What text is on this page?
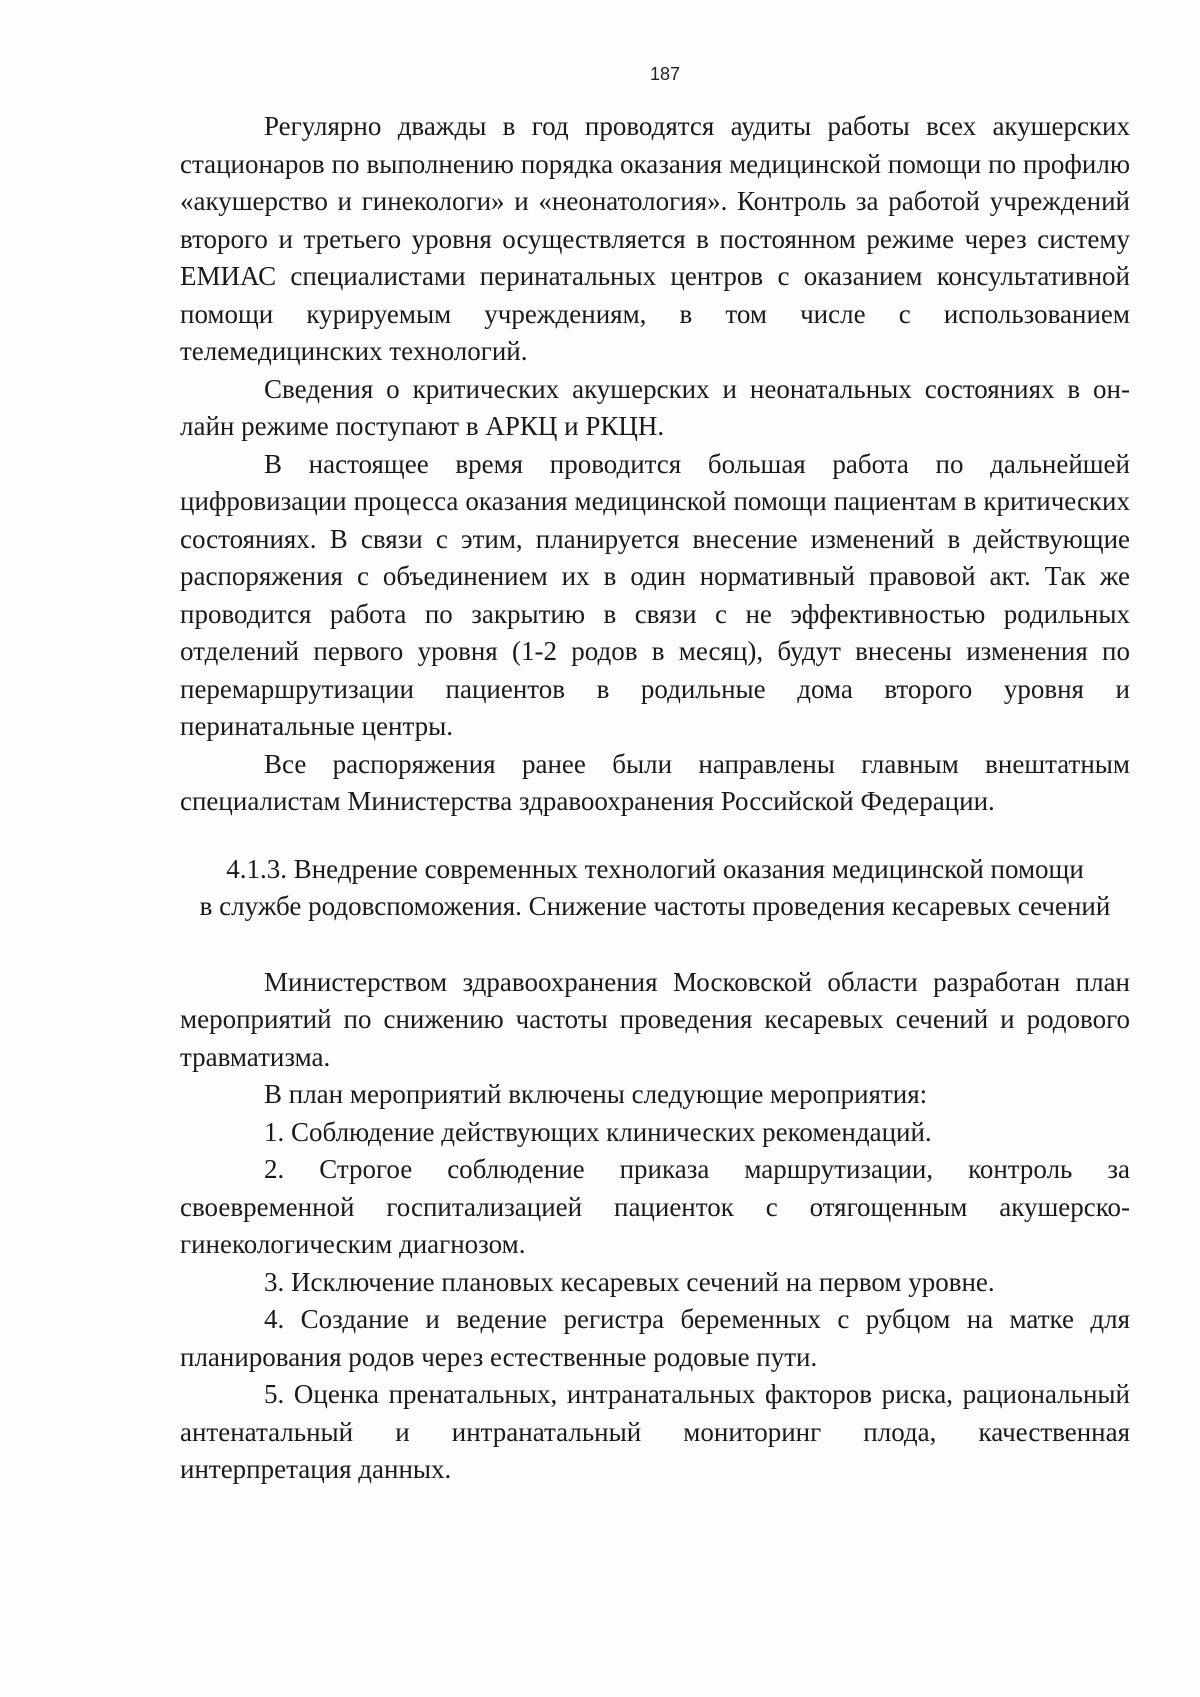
187

Регулярно дважды в год проводятся аудиты работы всех акушерских стационаров по выполнению порядка оказания медицинской помощи по профилю «акушерство и гинекологи» и «неонатология». Контроль за работой учреждений второго и третьего уровня осуществляется в постоянном режиме через систему ЕМИАС специалистами перинатальных центров с оказанием консультативной помощи курируемым учреждениям, в том числе с использованием телемедицинских технологий.

Сведения о критических акушерских и неонатальных состояниях в он-лайн режиме поступают в АРКЦ и РКЦН.

В настоящее время проводится большая работа по дальнейшей цифровизации процесса оказания медицинской помощи пациентам в критических состояниях. В связи с этим, планируется внесение изменений в действующие распоряжения с объединением их в один нормативный правовой акт. Так же проводится работа по закрытию в связи с не эффективностью родильных отделений первого уровня (1-2 родов в месяц), будут внесены изменения по перемаршрутизации пациентов в родильные дома второго уровня и перинатальные центры.

Все распоряжения ранее были направлены главным внештатным специалистам Министерства здравоохранения Российской Федерации.

4.1.3. Внедрение современных технологий оказания медицинской помощи
в службе родовспоможения. Снижение частоты проведения кесаревых сечений

Министерством здравоохранения Московской области разработан план мероприятий по снижению частоты проведения кесаревых сечений и родового травматизма.

В план мероприятий включены следующие мероприятия:

1. Соблюдение действующих клинических рекомендаций.

2. Строгое соблюдение приказа маршрутизации, контроль за своевременной госпитализацией пациенток с отягощенным акушерско-гинекологическим диагнозом.

3. Исключение плановых кесаревых сечений на первом уровне.

4. Создание и ведение регистра беременных с рубцом на матке для планирования родов через естественные родовые пути.

5. Оценка пренатальных, интранатальных факторов риска, рациональный антенатальный и интранатальный мониторинг плода, качественная интерпретация данных.
